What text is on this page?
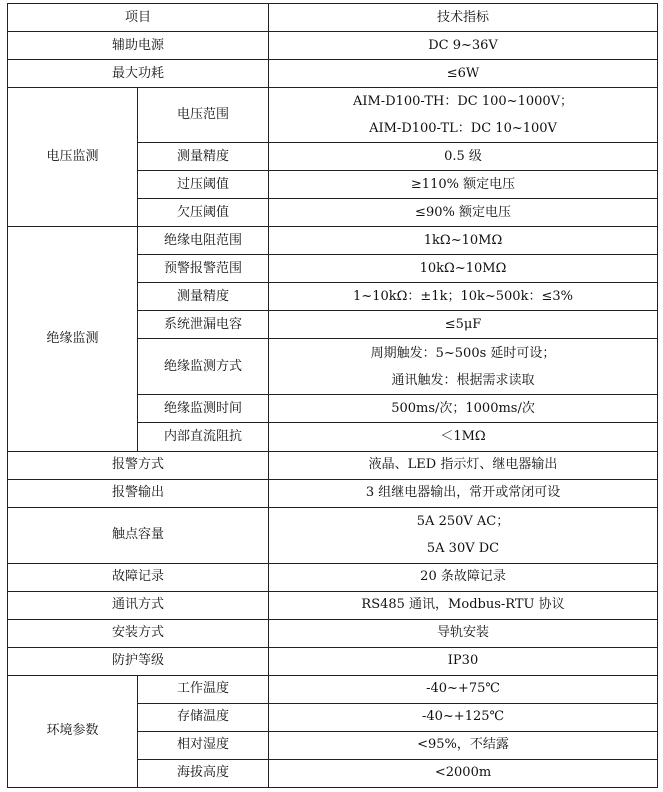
项目		技术指标
辅助电源		DC 9~36V
最大功耗		≤6W
电压监测	电压范围	AIM-D100-TH：DC 100~1000V；
AIM-D100-TL：DC 10~100V

	测量精度	0.5 级
	过压阈值	≥110% 额定电压
	欠压阈值	≤90% 额定电压
绝缘监测	绝缘电阻范围	1kΩ~10MΩ
	预警报警范围	10kΩ~10MΩ
	测量精度	1~10kΩ：±1k；10k~500k：≤3%
	系统泄漏电容	≤5μF
	绝缘监测方式	周期触发：5~500s 延时可设；
通讯触发：根据需求读取

	绝缘监测时间	500ms/次；1000ms/次
	内部直流阻抗	＜1MΩ
报警方式		液晶、LED 指示灯、继电器输出
报警输出		3 组继电器输出，常开或常闭可设
触点容量		5A 250V AC；
5A 30V DC

故障记录		20 条故障记录
通讯方式		RS485 通讯，Modbus-RTU 协议
安装方式		导轨安装
防护等级		IP30
环境参数	工作温度	-40~+75℃
	存储温度	-40~+125℃
	相对湿度	<95%，不结露
	海拔高度	<2000m
